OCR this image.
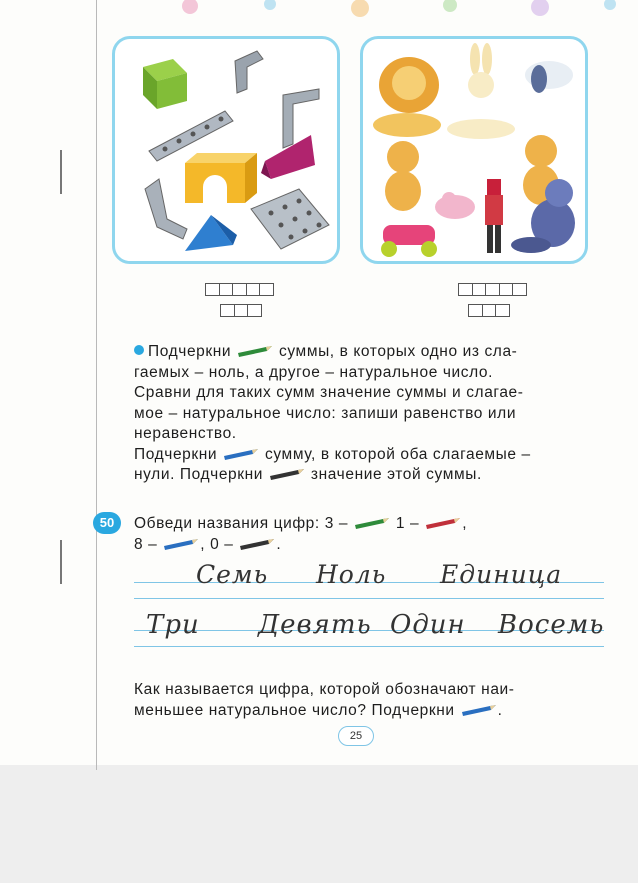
Подчеркни	суммы, в которых одно из сла-

гаемых – ноль, а другое – натуральное число.

Сравни для таких сумм значение суммы и слагае-

мое – натуральное число: запиши равенство или

неравенство.

Подчеркни	сумму, в которой оба слагаемые –

нули. Подчеркни	значение этой суммы.

50	Обведи названия цифр: 3 –	1 –	,

8 –	, 0 –	.

Семь Ноль Единица
Три Девять Один Восемь

Как называется цифра, которой обозначают наи-

меньшее натуральное число? Подчеркни	.

25
